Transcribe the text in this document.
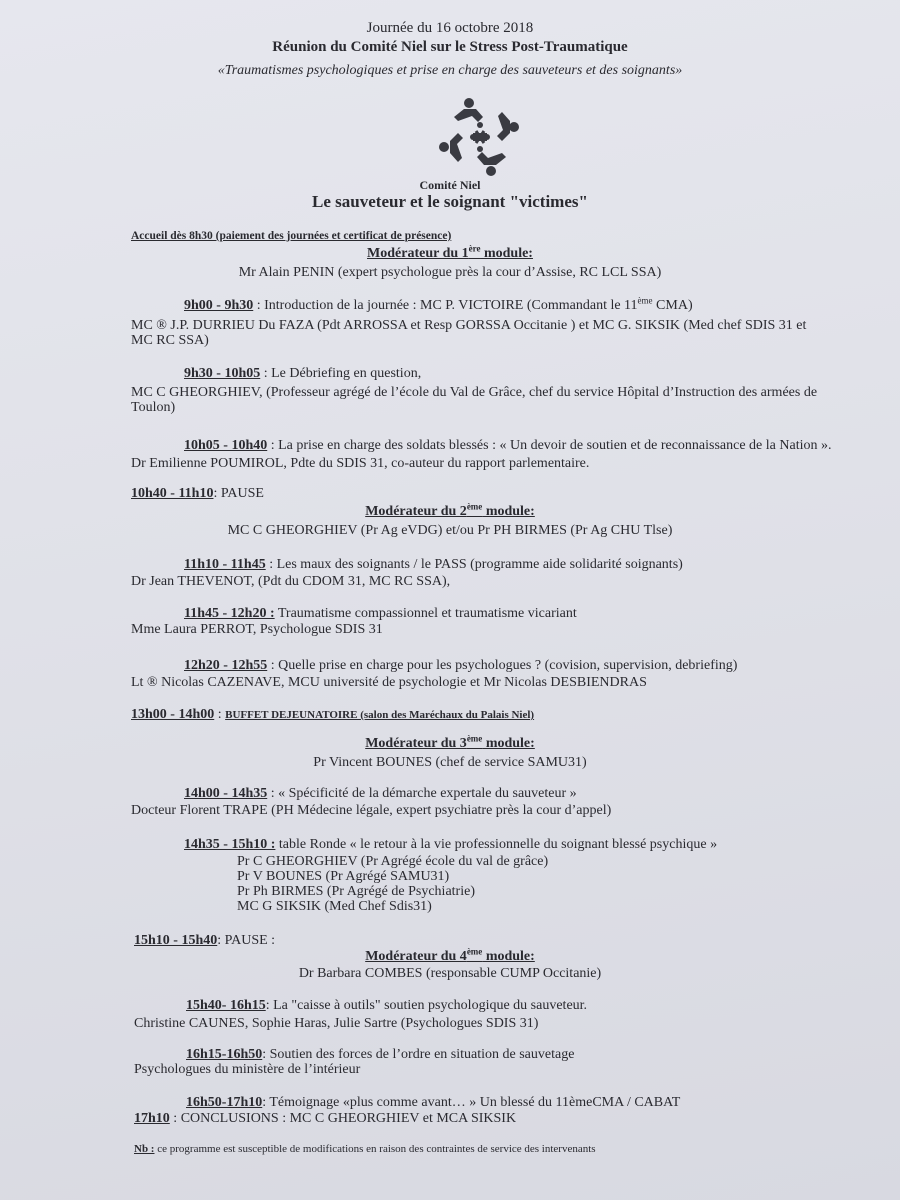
Journée du 16 octobre 2018
Réunion du Comité Niel sur le Stress Post-Traumatique
«Traumatismes psychologiques et prise en charge des sauveteurs et des soignants»
Comité Niel
Le sauveteur et le soignant "victimes"
Accueil dès 8h30 (paiement des journées et certificat de présence)
Modérateur du 1ère module:
Mr Alain PENIN (expert psychologue près la cour d’Assise, RC LCL SSA)
9h00 - 9h30 : Introduction de la journée : MC P. VICTOIRE (Commandant le 11ème CMA)
MC ® J.P. DURRIEU Du FAZA (Pdt ARROSSA et Resp GORSSA Occitanie ) et MC G. SIKSIK (Med chef SDIS 31 et
MC RC SSA)
9h30 - 10h05 : Le Débriefing en question,
MC C GHEORGHIEV, (Professeur agrégé de l’école du Val de Grâce, chef du service Hôpital d’Instruction des armées de
Toulon)
10h05 - 10h40 : La prise en charge des soldats blessés : « Un devoir de soutien et de reconnaissance de la Nation ».
Dr Emilienne POUMIROL, Pdte du SDIS 31, co-auteur du rapport parlementaire.
10h40 - 11h10: PAUSE
Modérateur du 2ème module:
MC C GHEORGHIEV (Pr Ag eVDG) et/ou Pr PH BIRMES (Pr Ag CHU Tlse)
11h10 - 11h45 : Les maux des soignants / le PASS (programme aide solidarité soignants)
Dr Jean THEVENOT, (Pdt du CDOM 31, MC RC SSA),
11h45 - 12h20 : Traumatisme compassionnel et traumatisme vicariant
Mme Laura PERROT, Psychologue SDIS 31
12h20 - 12h55 : Quelle prise en charge pour les psychologues ? (covision, supervision, debriefing)
Lt ® Nicolas CAZENAVE, MCU université de psychologie et Mr Nicolas DESBIENDRAS
13h00 - 14h00 : BUFFET DEJEUNATOIRE (salon des Maréchaux du Palais Niel)
Modérateur du 3ème module:
Pr Vincent BOUNES (chef de service SAMU31)
14h00 - 14h35 : « Spécificité de la démarche expertale du sauveteur »
Docteur Florent TRAPE (PH Médecine légale, expert psychiatre près la cour d’appel)
14h35 - 15h10 : table Ronde « le retour à la vie professionnelle du soignant blessé psychique »
Pr C GHEORGHIEV (Pr Agrégé école du val de grâce)
Pr V BOUNES (Pr Agrégé SAMU31)
Pr Ph BIRMES (Pr Agrégé de Psychiatrie)
MC G SIKSIK (Med Chef Sdis31)
15h10 - 15h40: PAUSE :
Modérateur du 4ème module:
Dr Barbara COMBES (responsable CUMP Occitanie)
15h40- 16h15: La "caisse à outils" soutien psychologique du sauveteur.
Christine CAUNES, Sophie Haras, Julie Sartre (Psychologues SDIS 31)
16h15-16h50: Soutien des forces de l’ordre en situation de sauvetage
Psychologues du ministère de l’intérieur
16h50-17h10: Témoignage «plus comme avant… » Un blessé du 11èmeCMA / CABAT
17h10 : CONCLUSIONS : MC C GHEORGHIEV et MCA SIKSIK
Nb : ce programme est susceptible de modifications en raison des contraintes de service des intervenants
